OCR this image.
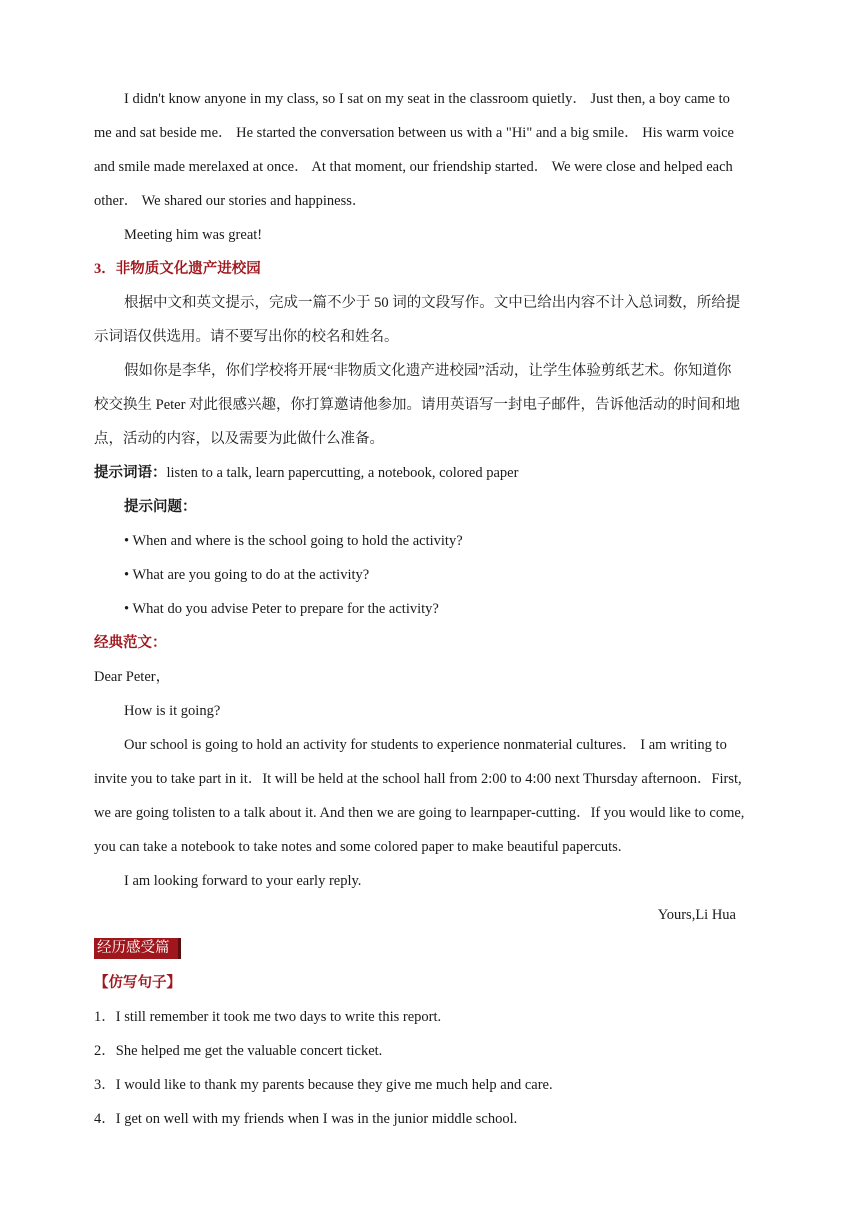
I didn't know anyone in my class, so I sat on my seat in the classroom quietly． Just then, a boy came to
me and sat beside me． He started the conversation between us with a "Hi" and a big smile． His warm voice
and smile made merelaxed at once． At that moment, our friendship started． We were close and helped each
other． We shared our stories and happiness．
Meeting him was great!
3．非物质文化遗产进校园
根据中文和英文提示，完成一篇不少于 50 词的文段写作。文中已给出内容不计入总词数，所给提
示词语仅供选用。请不要写出你的校名和姓名。
假如你是李华，你们学校将开展“非物质文化遗产进校园”活动，让学生体验剪纸艺术。你知道你
校交换生 Peter 对此很感兴趣，你打算邀请他参加。请用英语写一封电子邮件，告诉他活动的时间和地
点，活动的内容，以及需要为此做什么准备。
提示词语：listen to a talk, learn papercutting, a notebook, colored paper
提示问题：
• When and where is the school going to hold the activity?
• What are you going to do at the activity?
• What do you advise Peter to prepare for the activity?
经典范文：
Dear Peter，
How is it going?
Our school is going to hold an activity for students to experience nonmaterial cultures． I am writing to
invite you to take part in it．It will be held at the school hall from 2:00 to 4:00 next Thursday afternoon．First,
we are going tolisten to a talk about it. And then we are going to learnpaper-cutting．If you would like to come,
you can take a notebook to take notes and some colored paper to make beautiful papercuts.
I am looking forward to your early reply.
Yours,Li Hua
经历感受篇
【仿写句子】
1．I still remember it took me two days to write this report.
2．She helped me get the valuable concert ticket.
3．I would like to thank my parents because they give me much help and care.
4．I get on well with my friends when I was in the junior middle school.
